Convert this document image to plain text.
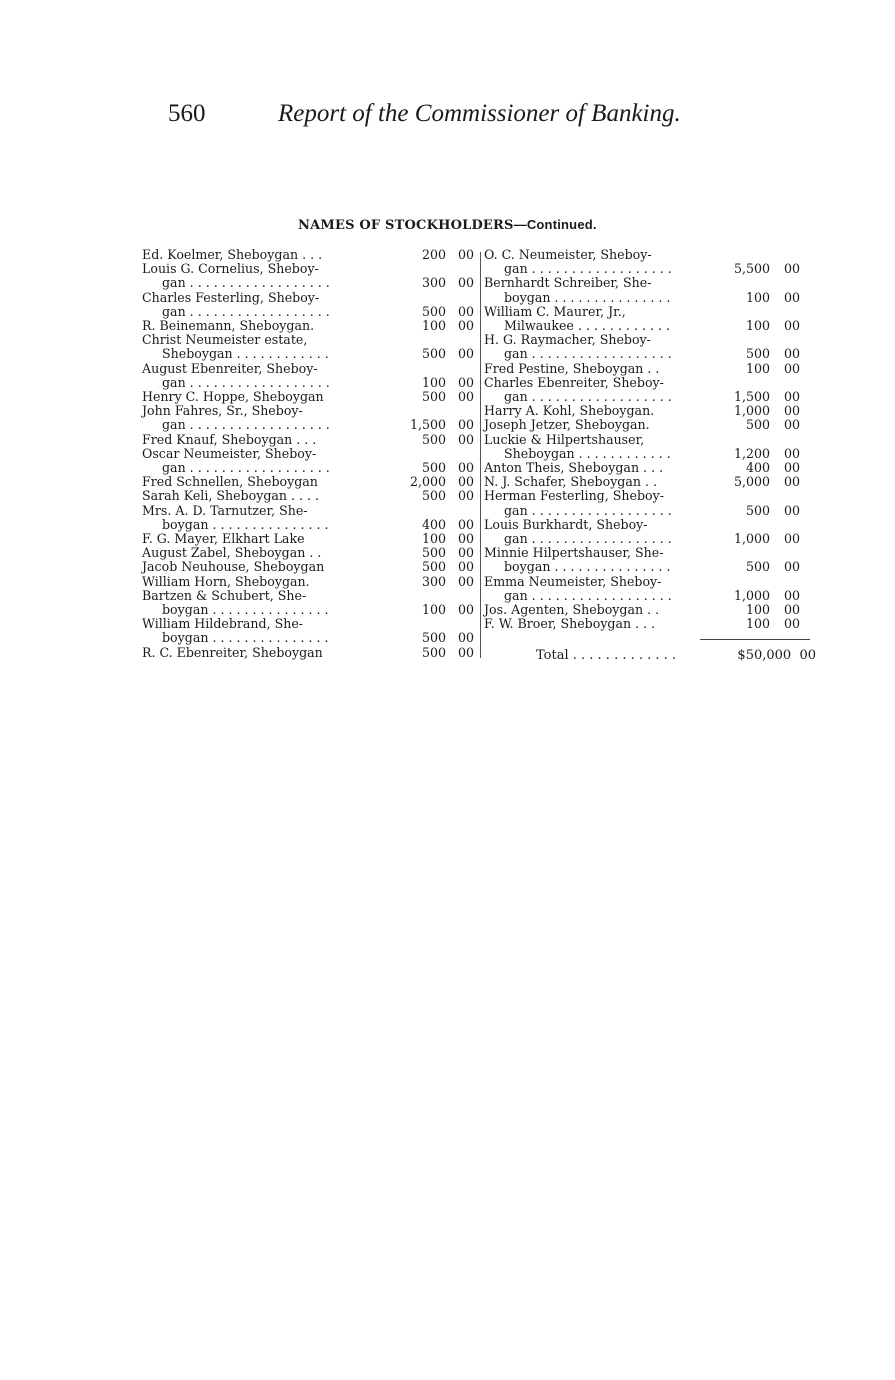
560	Report of the Commissioner of Banking.
NAMES OF STOCKHOLDERS—Continued.
Ed. Koelmer, Sheboygan . . .	200 00
Louis G. Cornelius, Sheboy-
gan . . . . . . . . . . . . . . . . . .	300 00
Charles Festerling, Sheboy-
gan . . . . . . . . . . . . . . . . . .	500 00
R. Beinemann, Sheboygan.	100 00
Christ Neumeister estate,
Sheboygan . . . . . . . . . . . .	500 00
August Ebenreiter, Sheboy-
gan . . . . . . . . . . . . . . . . . .	100 00
Henry C. Hoppe, Sheboygan	500 00
John Fahres, Sr., Sheboy-
gan . . . . . . . . . . . . . . . . . .	1,500 00
Fred Knauf, Sheboygan . . .	500 00
Oscar Neumeister, Sheboy-
gan . . . . . . . . . . . . . . . . . .	500 00
Fred Schnellen, Sheboygan	2,000 00
Sarah Keli, Sheboygan . . . .	500 00
Mrs. A. D. Tarnutzer, She-
boygan . . . . . . . . . . . . . . .	400 00
F. G. Mayer, Elkhart Lake	100 00
August Zabel, Sheboygan . .	500 00
Jacob Neuhouse, Sheboygan	500 00
William Horn, Sheboygan.	300 00
Bartzen & Schubert, She-
boygan . . . . . . . . . . . . . . .	100 00
William Hildebrand, She-
boygan . . . . . . . . . . . . . . .	500 00
R. C. Ebenreiter, Sheboygan	500 00
O. C. Neumeister, Sheboy-
gan . . . . . . . . . . . . . . . . . .	5,500	00
Bernhardt Schreiber, She-
boygan . . . . . . . . . . . . . . .	100	00
William C. Maurer, Jr.,
Milwaukee . . . . . . . . . . . .	100	00
H. G. Raymacher, Sheboy-
gan . . . . . . . . . . . . . . . . . .	500	00
Fred Pestine, Sheboygan . .	100	00
Charles Ebenreiter, Sheboy-
gan . . . . . . . . . . . . . . . . . .	1,500	00
Harry A. Kohl, Sheboygan.	1,000	00
Joseph Jetzer, Sheboygan.	500	00
Luckie & Hilpertshauser,
Sheboygan . . . . . . . . . . . .	1,200	00
Anton Theis, Sheboygan . . .	400	00
N. J. Schafer, Sheboygan . .	5,000	00
Herman Festerling, Sheboy-
gan . . . . . . . . . . . . . . . . . .	500	00
Louis Burkhardt, Sheboy-
gan . . . . . . . . . . . . . . . . . .	1,000	00
Minnie Hilpertshauser, She-
boygan . . . . . . . . . . . . . . .	500	00
Emma Neumeister, Sheboy-
gan . . . . . . . . . . . . . . . . . .	1,000	00
Jos. Agenten, Sheboygan . .	100	00
F. W. Broer, Sheboygan . . .	100	00
Total . . . . . . . . . . . . .	$50,000 00
